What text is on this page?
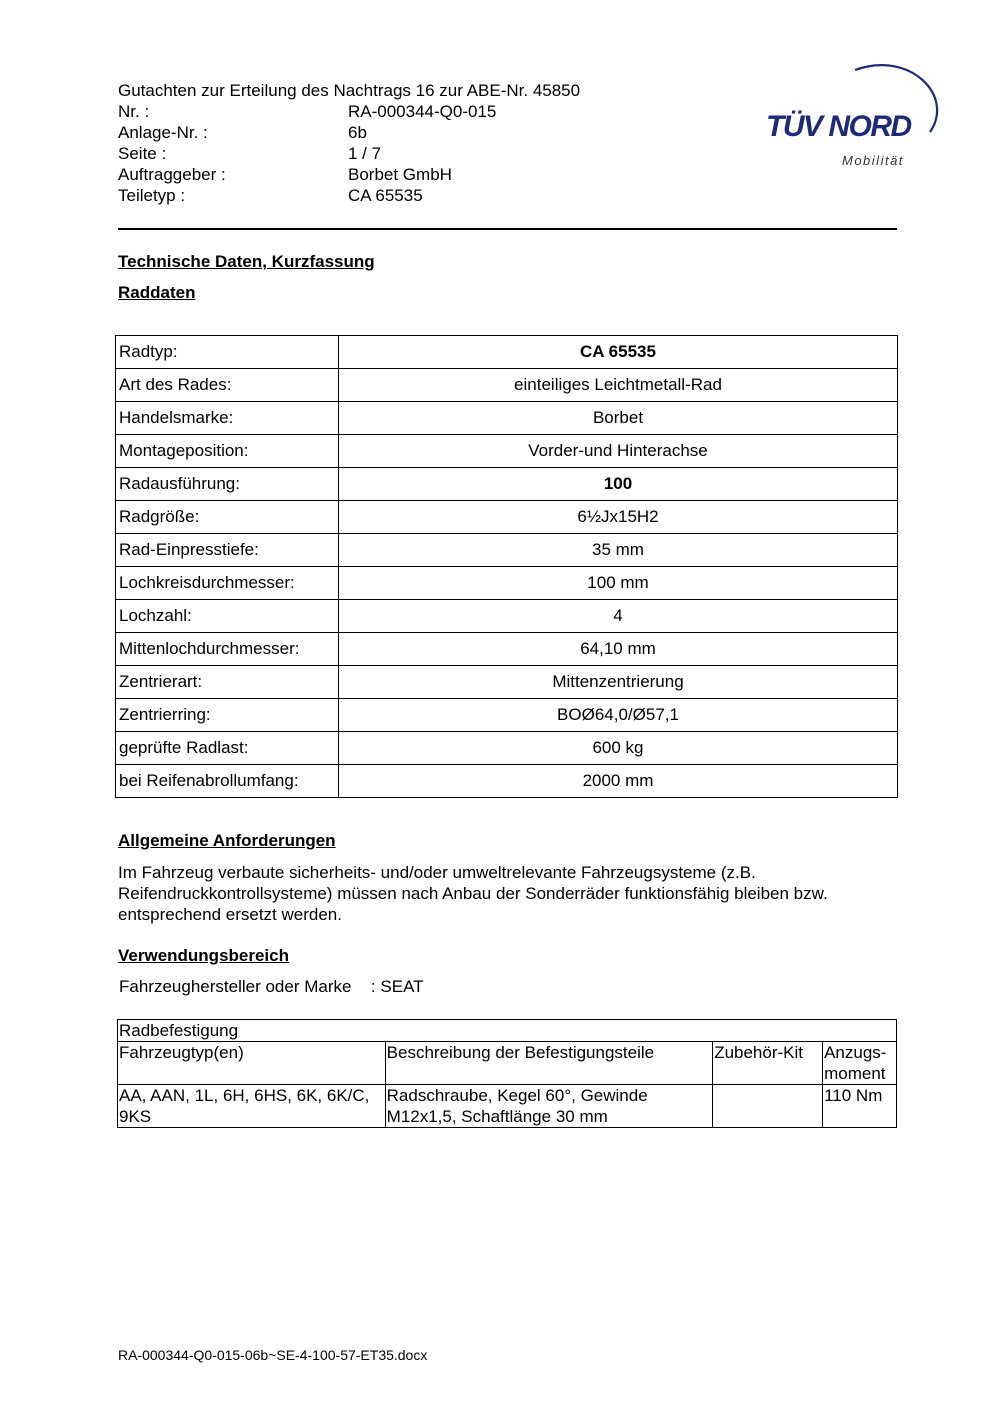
Gutachten zur Erteilung des Nachtrags 16 zur ABE-Nr. 45850
Nr. :	RA-000344-Q0-015
Anlage-Nr. :	6b
Seite :	1 / 7
Auftraggeber :	Borbet GmbH
Teiletyp :	CA 65535
TÜV NORD
Mobilität
Technische Daten, Kurzfassung
Raddaten
Radtyp:	CA 65535
Art des Rades:	einteiliges Leichtmetall-Rad
Handelsmarke:	Borbet
Montageposition:	Vorder-und Hinterachse
Radausführung:	100
Radgröße:	6½Jx15H2
Rad-Einpresstiefe:	35 mm
Lochkreisdurchmesser:	100 mm
Lochzahl:	4
Mittenlochdurchmesser:	64,10 mm
Zentrierart:	Mittenzentrierung
Zentrierring:	BOØ64,0/Ø57,1
geprüfte Radlast:	600 kg
bei Reifenabrollumfang:	2000 mm
Allgemeine Anforderungen
Im Fahrzeug verbaute sicherheits- und/oder umweltrelevante Fahrzeugsysteme (z.B. Reifendruckkontrollsysteme) müssen nach Anbau der Sonderräder funktionsfähig bleiben bzw. entsprechend ersetzt werden.
Verwendungsbereich
Fahrzeughersteller oder Marke : SEAT
Radbefestigung			
Fahrzeugtyp(en)	Beschreibung der Befestigungsteile	Zubehör-Kit	Anzugs-moment
AA, AAN, 1L, 6H, 6HS, 6K, 6K/C, 9KS	Radschraube, Kegel 60°, Gewinde M12x1,5, Schaftlänge 30 mm		110 Nm
RA-000344-Q0-015-06b~SE-4-100-57-ET35.docx
